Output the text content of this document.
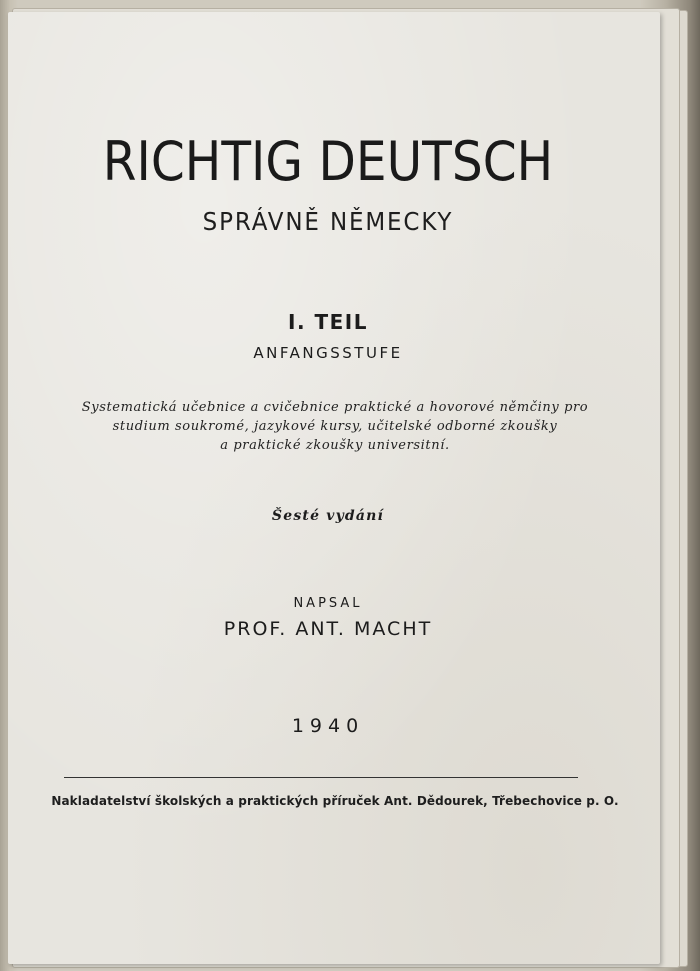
RICHTIG DEUTSCH
SPRÁVNĚ NĚMECKY
I. TEIL
ANFANGSSTUFE
Systematická učebnice a cvičebnice praktické a hovorové němčiny pro
studium soukromé, jazykové kursy, učitelské odborné zkoušky
a praktické zkoušky universitní.
Šesté vydání
NAPSAL
PROF. ANT. MACHT
1940
Nakladatelství školských a praktických příruček Ant. Dědourek, Třebechovice p. O.
